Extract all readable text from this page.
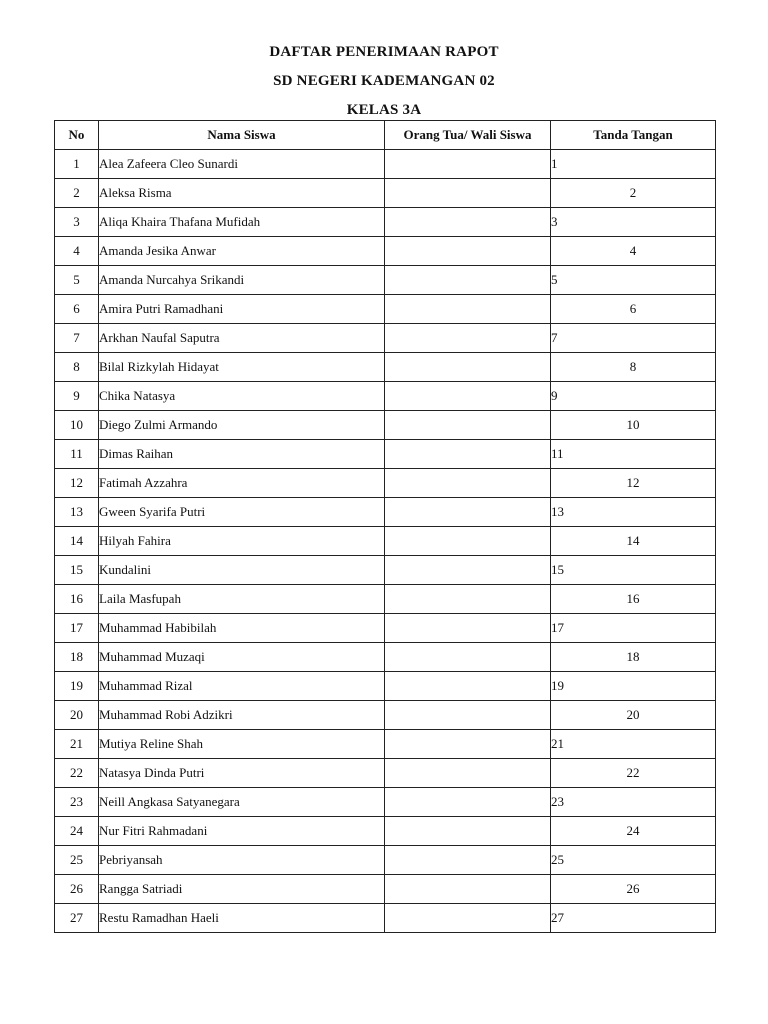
DAFTAR PENERIMAAN RAPOT
SD NEGERI KADEMANGAN 02
KELAS 3A
No	Nama Siswa	Orang Tua/ Wali Siswa	Tanda Tangan
1	Alea Zafeera Cleo Sunardi		1

2	Aleksa Risma		2

3	Aliqa Khaira Thafana Mufidah		3

4	Amanda Jesika Anwar		4

5	Amanda Nurcahya Srikandi		5

6	Amira Putri Ramadhani		6

7	Arkhan Naufal Saputra		7

8	Bilal Rizkylah Hidayat		8

9	Chika Natasya		9

10	Diego Zulmi Armando		10

11	Dimas Raihan		11

12	Fatimah Azzahra		12

13	Gween Syarifa Putri		13

14	Hilyah Fahira		14

15	Kundalini		15

16	Laila Masfupah		16

17	Muhammad Habibilah		17

18	Muhammad Muzaqi		18

19	Muhammad Rizal		19

20	Muhammad Robi Adzikri		20

21	Mutiya Reline Shah		21

22	Natasya Dinda Putri		22

23	Neill Angkasa Satyanegara		23

24	Nur Fitri Rahmadani		24

25	Pebriyansah		25

26	Rangga Satriadi		26

27	Restu Ramadhan Haeli		27
